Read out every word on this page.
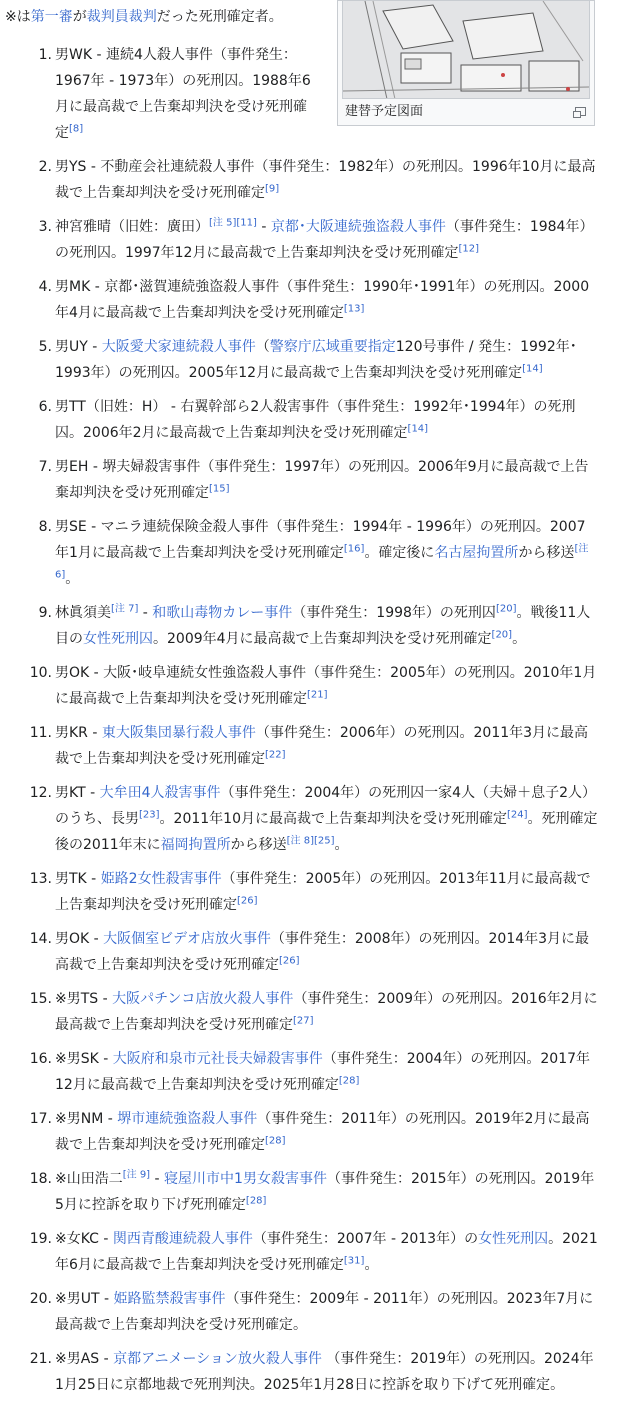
※は第一審が裁判員裁判だった死刑確定者。
建替予定図面
1. 男WK - 連続4人殺人事件（事件発生：1967年 - 1973年）の死刑囚。1988年6月に最高裁で上告棄却判決を受け死刑確定[8]
2. 男YS - 不動産会社連続殺人事件（事件発生：1982年）の死刑囚。1996年10月に最高裁で上告棄却判決を受け死刑確定[9]
3. 神宮雅晴（旧姓：廣田）[注 5][11] - 京都･大阪連続強盗殺人事件（事件発生：1984年）の死刑囚。1997年12月に最高裁で上告棄却判決を受け死刑確定[12]
4. 男MK - 京都･滋賀連続強盗殺人事件（事件発生：1990年･1991年）の死刑囚。2000年4月に最高裁で上告棄却判決を受け死刑確定[13]
5. 男UY - 大阪愛犬家連続殺人事件（警察庁広域重要指定120号事件 / 発生：1992年･1993年）の死刑囚。2005年12月に最高裁で上告棄却判決を受け死刑確定[14]
6. 男TT（旧姓：H） - 右翼幹部ら2人殺害事件（事件発生：1992年･1994年）の死刑囚。2006年2月に最高裁で上告棄却判決を受け死刑確定[14]
7. 男EH - 堺夫婦殺害事件（事件発生：1997年）の死刑囚。2006年9月に最高裁で上告棄却判決を受け死刑確定[15]
8. 男SE - マニラ連続保険金殺人事件（事件発生：1994年 - 1996年）の死刑囚。2007年1月に最高裁で上告棄却判決を受け死刑確定[16]。確定後に名古屋拘置所から移送[注 6]。
9. 林眞須美[注 7] - 和歌山毒物カレー事件（事件発生：1998年）の死刑囚[20]。戦後11人目の女性死刑囚。2009年4月に最高裁で上告棄却判決を受け死刑確定[20]。
10. 男OK - 大阪･岐阜連続女性強盗殺人事件（事件発生：2005年）の死刑囚。2010年1月に最高裁で上告棄却判決を受け死刑確定[21]
11. 男KR - 東大阪集団暴行殺人事件（事件発生：2006年）の死刑囚。2011年3月に最高裁で上告棄却判決を受け死刑確定[22]
12. 男KT - 大牟田4人殺害事件（事件発生：2004年）の死刑囚一家4人（夫婦＋息子2人）のうち、長男[23]。2011年10月に最高裁で上告棄却判決を受け死刑確定[24]。死刑確定後の2011年末に福岡拘置所から移送[注 8][25]。
13. 男TK - 姫路2女性殺害事件（事件発生：2005年）の死刑囚。2013年11月に最高裁で上告棄却判決を受け死刑確定[26]
14. 男OK - 大阪個室ビデオ店放火事件（事件発生：2008年）の死刑囚。2014年3月に最高裁で上告棄却判決を受け死刑確定[26]
15. ※男TS - 大阪パチンコ店放火殺人事件（事件発生：2009年）の死刑囚。2016年2月に最高裁で上告棄却判決を受け死刑確定[27]
16. ※男SK - 大阪府和泉市元社長夫婦殺害事件（事件発生：2004年）の死刑囚。2017年12月に最高裁で上告棄却判決を受け死刑確定[28]
17. ※男NM - 堺市連続強盗殺人事件（事件発生：2011年）の死刑囚。2019年2月に最高裁で上告棄却判決を受け死刑確定[28]
18. ※山田浩二[注 9] - 寝屋川市中1男女殺害事件（事件発生：2015年）の死刑囚。2019年5月に控訴を取り下げ死刑確定[28]
19. ※女KC - 関西青酸連続殺人事件（事件発生：2007年 - 2013年）の女性死刑囚。2021年6月に最高裁で上告棄却判決を受け死刑確定[31]。
20. ※男UT - 姫路監禁殺害事件（事件発生：2009年 - 2011年）の死刑囚。2023年7月に最高裁で上告棄却判決を受け死刑確定。
21. ※男AS - 京都アニメーション放火殺人事件 （事件発生：2019年）の死刑囚。2024年1月25日に京都地裁で死刑判決。2025年1月28日に控訴を取り下げて死刑確定。
